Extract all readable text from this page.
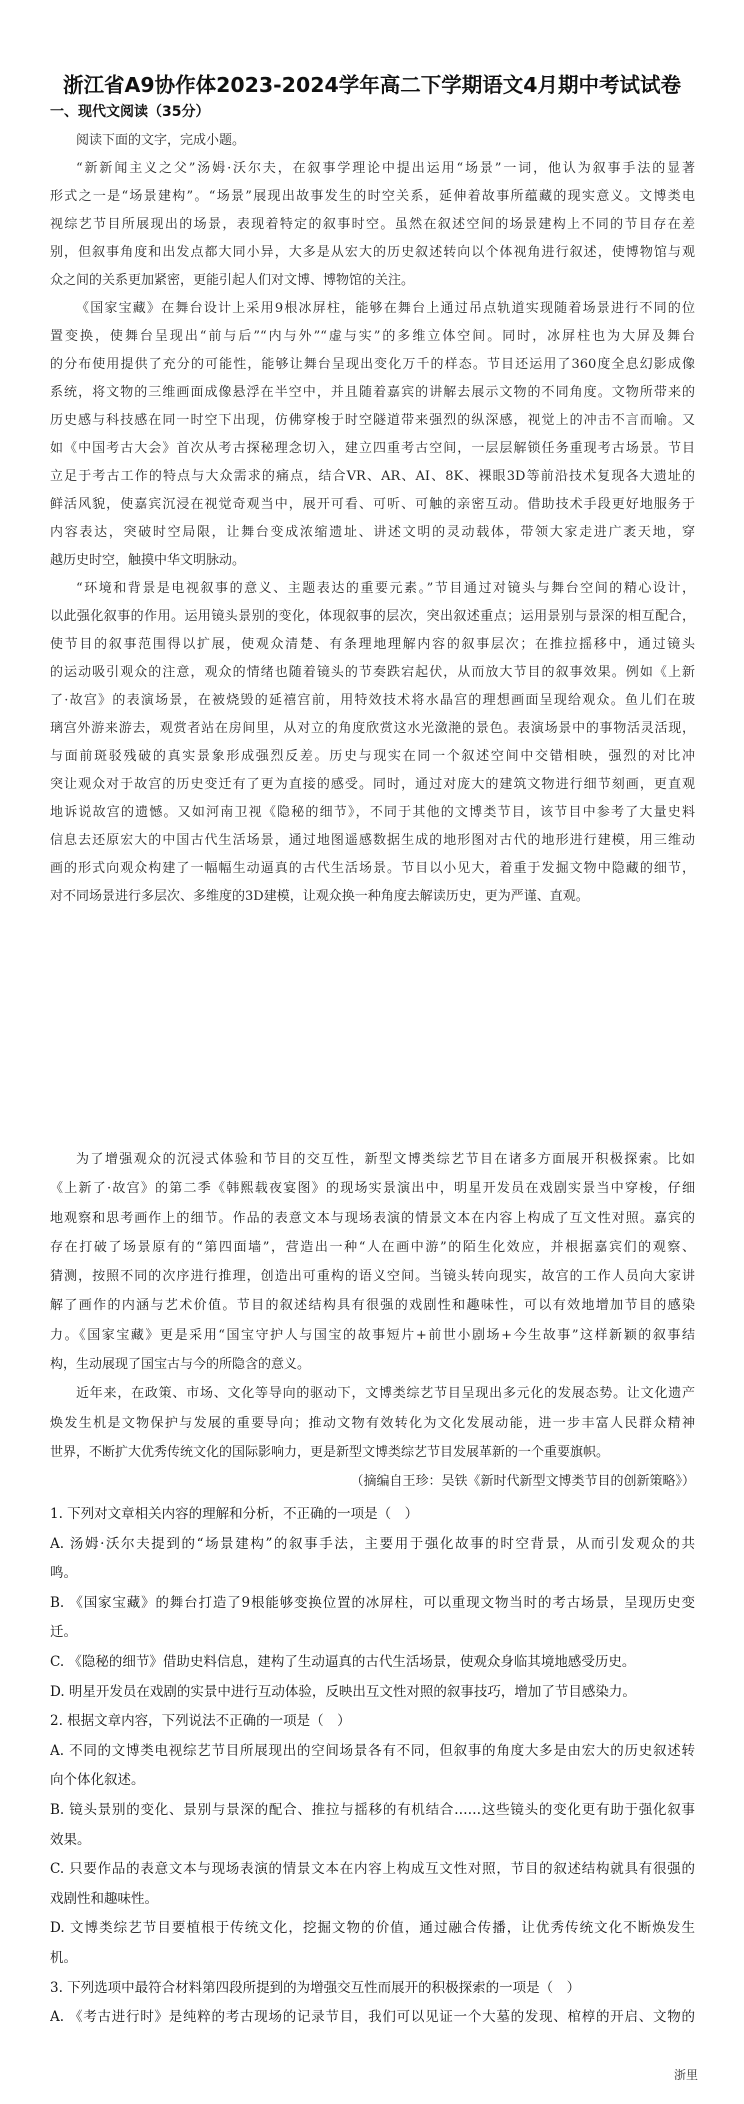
浙江省A9协作体2023-2024学年高二下学期语文4月期中考试试卷
一、现代文阅读（35分）
阅读下面的文字，完成小题。
“新新闻主义之父”汤姆·沃尔夫，在叙事学理论中提出运用“场景”一词，他认为叙事手法的显著
形式之一是“场景建构”。“场景”展现出故事发生的时空关系，延伸着故事所蕴藏的现实意义。文博类电
视综艺节目所展现出的场景，表现着特定的叙事时空。虽然在叙述空间的场景建构上不同的节目存在差
别，但叙事角度和出发点都大同小异，大多是从宏大的历史叙述转向以个体视角进行叙述，使博物馆与观
众之间的关系更加紧密，更能引起人们对文博、博物馆的关注。
《国家宝藏》在舞台设计上采用9根冰屏柱，能够在舞台上通过吊点轨道实现随着场景进行不同的位
置变换，使舞台呈现出“前与后”“内与外”“虚与实”的多维立体空间。同时，冰屏柱也为大屏及舞台
的分布使用提供了充分的可能性，能够让舞台呈现出变化万千的样态。节目还运用了360度全息幻影成像
系统，将文物的三维画面成像悬浮在半空中，并且随着嘉宾的讲解去展示文物的不同角度。文物所带来的
历史感与科技感在同一时空下出现，仿佛穿梭于时空隧道带来强烈的纵深感，视觉上的冲击不言而喻。又
如《中国考古大会》首次从考古探秘理念切入，建立四重考古空间，一层层解锁任务重现考古场景。节目
立足于考古工作的特点与大众需求的痛点，结合VR、AR、AI、8K、裸眼3D等前沿技术复现各大遗址的
鲜活风貌，使嘉宾沉浸在视觉奇观当中，展开可看、可听、可触的亲密互动。借助技术手段更好地服务于
内容表达，突破时空局限，让舞台变成浓缩遗址、讲述文明的灵动载体，带领大家走进广袤天地，穿
越历史时空，触摸中华文明脉动。
“环境和背景是电视叙事的意义、主题表达的重要元素。”节目通过对镜头与舞台空间的精心设计，
以此强化叙事的作用。运用镜头景别的变化，体现叙事的层次，突出叙述重点；运用景别与景深的相互配合，
使节目的叙事范围得以扩展，使观众清楚、有条理地理解内容的叙事层次；在推拉摇移中，通过镜头
的运动吸引观众的注意，观众的情绪也随着镜头的节奏跌宕起伏，从而放大节目的叙事效果。例如《上新
了·故宫》的表演场景，在被烧毁的延禧宫前，用特效技术将水晶宫的理想画面呈现给观众。鱼儿们在玻
璃宫外游来游去，观赏者站在房间里，从对立的角度欣赏这水光潋滟的景色。表演场景中的事物活灵活现，
与面前斑驳残破的真实景象形成强烈反差。历史与现实在同一个叙述空间中交错相映，强烈的对比冲
突让观众对于故宫的历史变迁有了更为直接的感受。同时，通过对庞大的建筑文物进行细节刻画，更直观
地诉说故宫的遗憾。又如河南卫视《隐秘的细节》，不同于其他的文博类节目，该节目中参考了大量史料
信息去还原宏大的中国古代生活场景，通过地图遥感数据生成的地形图对古代的地形进行建模，用三维动
画的形式向观众构建了一幅幅生动逼真的古代生活场景。节目以小见大，着重于发掘文物中隐藏的细节，
对不同场景进行多层次、多维度的3D建模，让观众换一种角度去解读历史，更为严谨、直观。
为了增强观众的沉浸式体验和节目的交互性，新型文博类综艺节目在诸多方面展开积极探索。比如
《上新了·故宫》的第二季《韩熙载夜宴图》的现场实景演出中，明星开发员在戏剧实景当中穿梭，仔细
地观察和思考画作上的细节。作品的表意文本与现场表演的情景文本在内容上构成了互文性对照。嘉宾的
存在打破了场景原有的“第四面墙”，营造出一种“人在画中游”的陌生化效应，并根据嘉宾们的观察、
猜测，按照不同的次序进行推理，创造出可重构的语义空间。当镜头转向现实，故宫的工作人员向大家讲
解了画作的内涵与艺术价值。节目的叙述结构具有很强的戏剧性和趣味性，可以有效地增加节目的感染
力。《国家宝藏》更是采用“国宝守护人与国宝的故事短片+前世小剧场+今生故事”这样新颖的叙事结
构，生动展现了国宝古与今的所隐含的意义。
近年来，在政策、市场、文化等导向的驱动下，文博类综艺节目呈现出多元化的发展态势。让文化遗产
焕发生机是文物保护与发展的重要导向；推动文物有效转化为文化发展动能，进一步丰富人民群众精神
世界，不断扩大优秀传统文化的国际影响力，更是新型文博类综艺节目发展革新的一个重要旗帜。
（摘编自王珍：吴铁《新时代新型文博类节目的创新策略》）
1. 下列对文章相关内容的理解和分析，不正确的一项是（　）
A. 汤姆·沃尔夫提到的“场景建构”的叙事手法，主要用于强化故事的时空背景，从而引发观众的共
鸣。
B. 《国家宝藏》的舞台打造了9根能够变换位置的冰屏柱，可以重现文物当时的考古场景，呈现历史变
迁。
C. 《隐秘的细节》借助史料信息，建构了生动逼真的古代生活场景，使观众身临其境地感受历史。
D. 明星开发员在戏剧的实景中进行互动体验，反映出互文性对照的叙事技巧，增加了节目感染力。
2. 根据文章内容，下列说法不正确的一项是（　）
A. 不同的文博类电视综艺节目所展现出的空间场景各有不同，但叙事的角度大多是由宏大的历史叙述转
向个体化叙述。
B. 镜头景别的变化、景别与景深的配合、推拉与摇移的有机结合……这些镜头的变化更有助于强化叙事
效果。
C. 只要作品的表意文本与现场表演的情景文本在内容上构成互文性对照，节目的叙述结构就具有很强的
戏剧性和趣味性。
D. 文博类综艺节目要植根于传统文化，挖掘文物的价值，通过融合传播，让优秀传统文化不断焕发生
机。
3. 下列选项中最符合材料第四段所提到的为增强交互性而展开的积极探索的一项是（　）
A. 《考古进行时》是纯粹的考古现场的记录节目，我们可以见证一个大墓的发现、棺椁的开启、文物的
浙里
